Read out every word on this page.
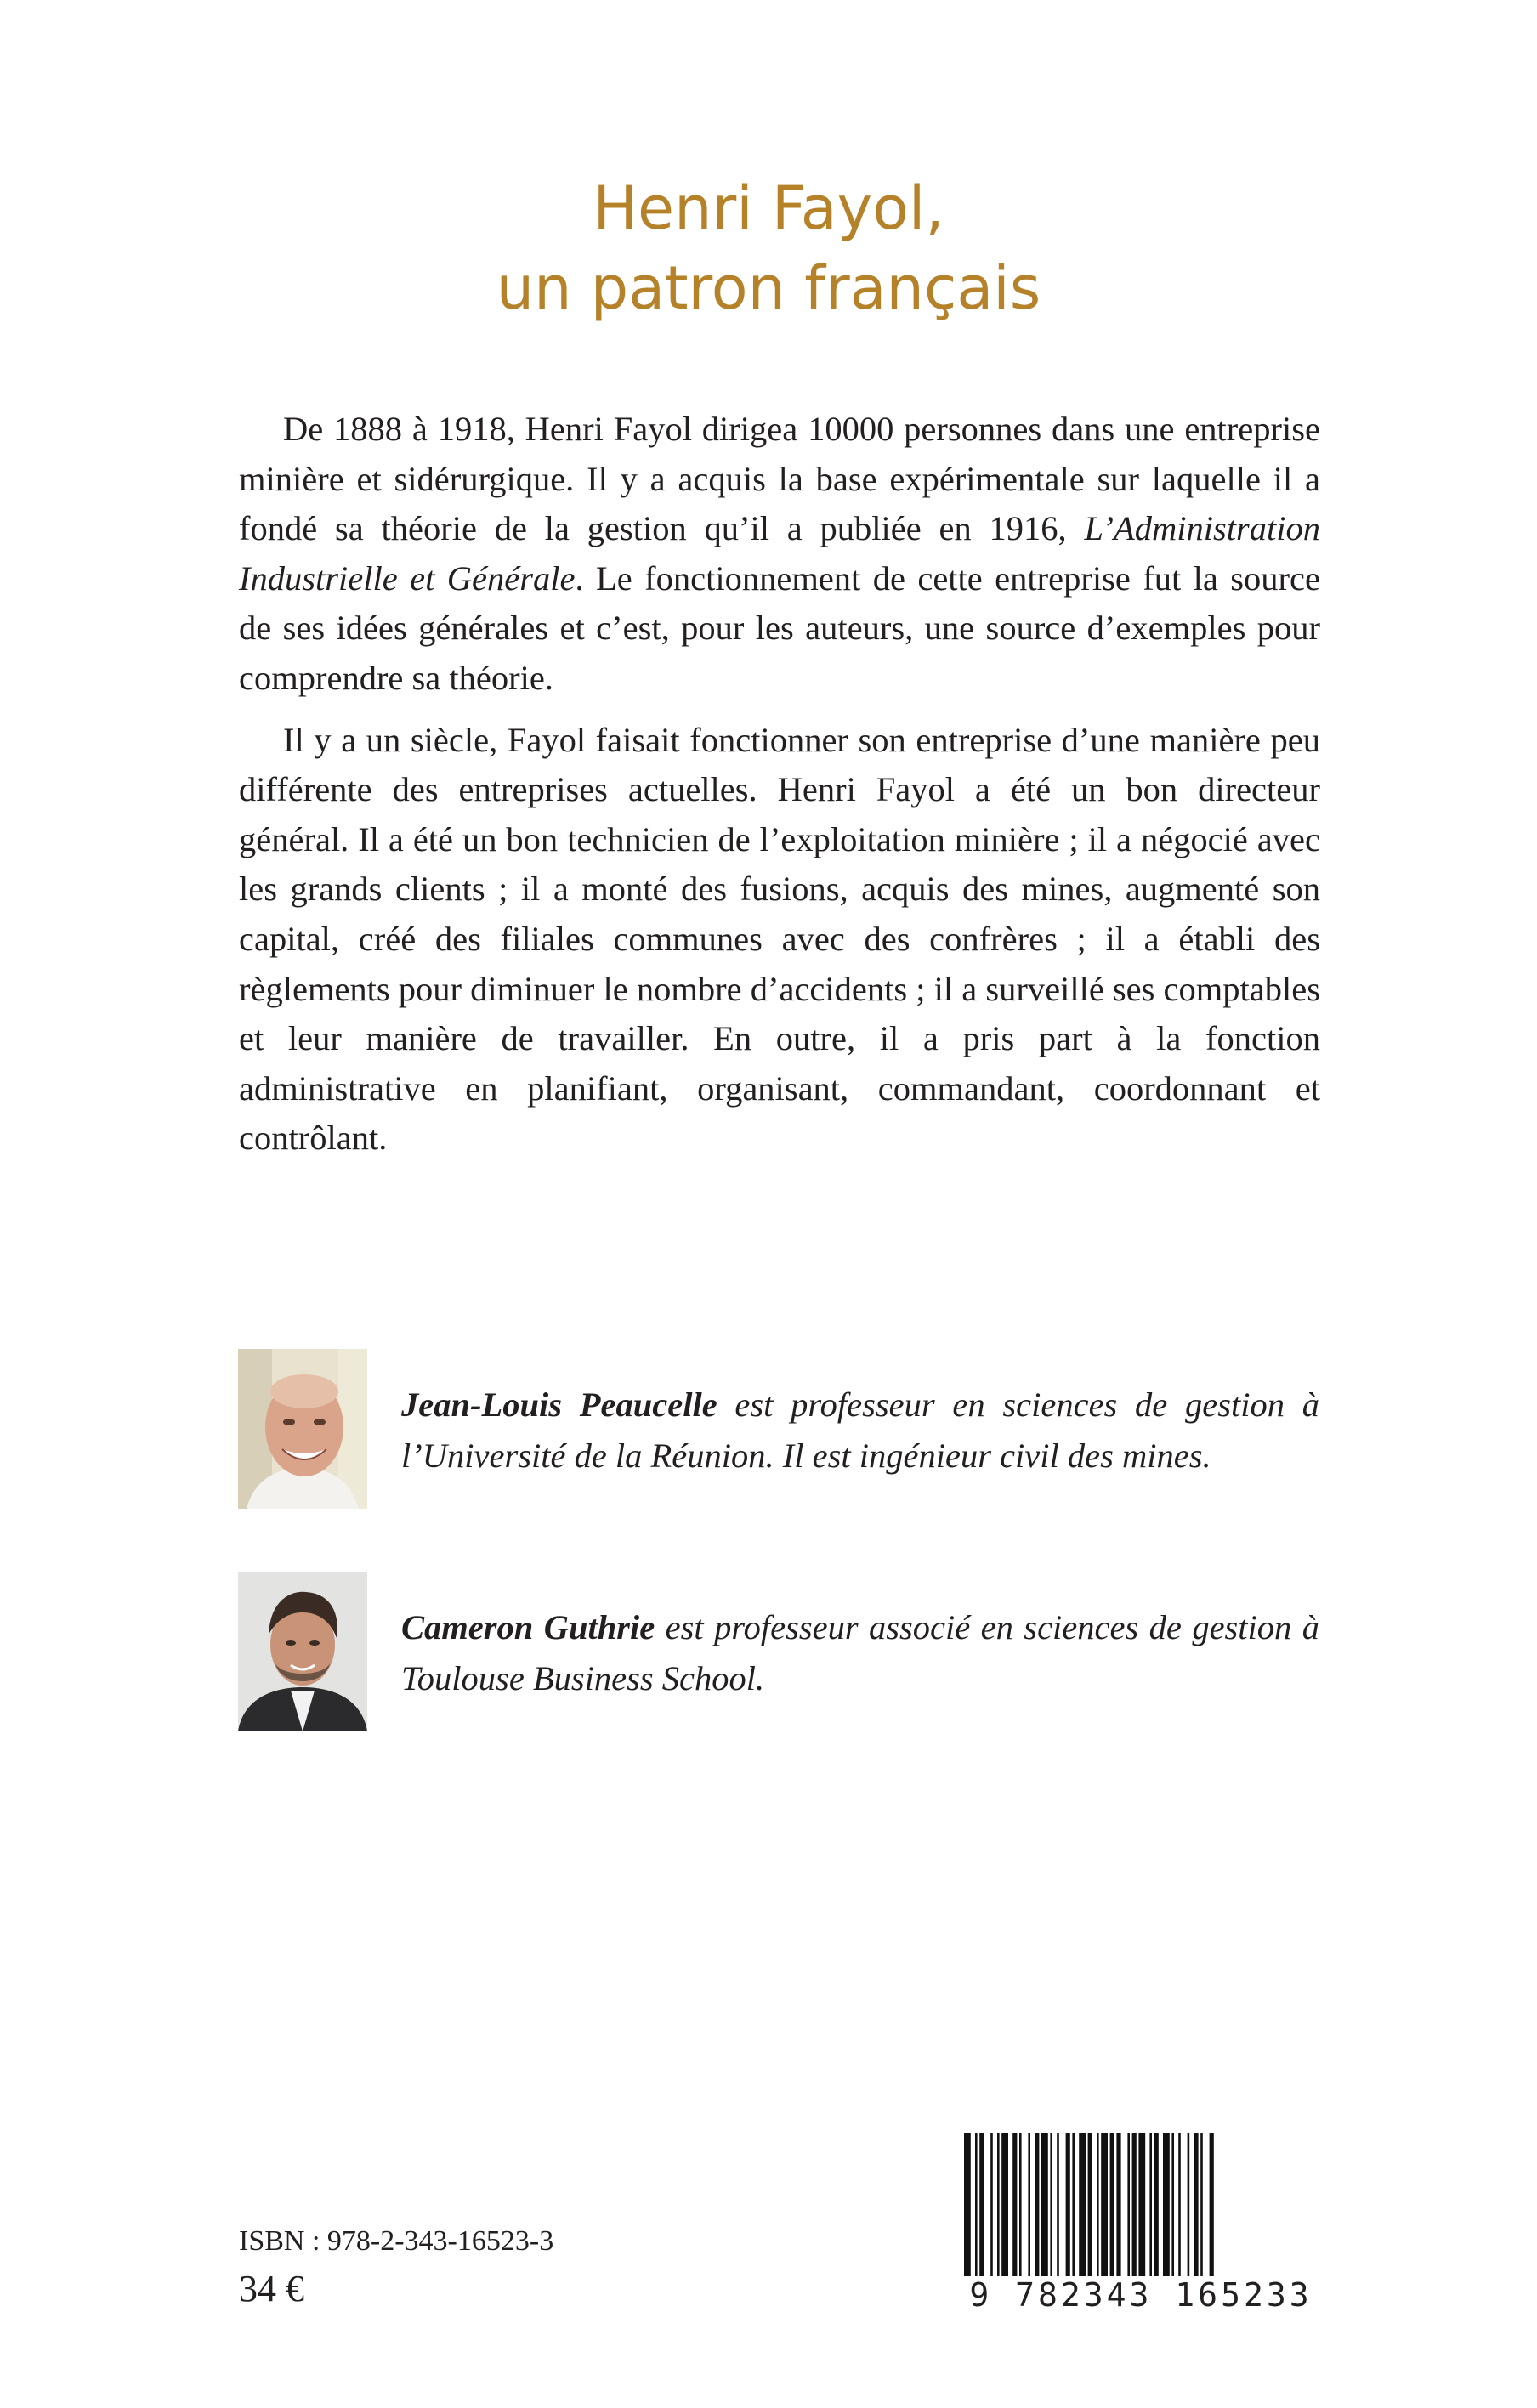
Henri Fayol,
un patron français

De 1888 à 1918, Henri Fayol dirigea 10000 personnes dans une entreprise minière et sidérurgique. Il y a acquis la base expérimentale sur laquelle il a fondé sa théorie de la gestion qu’il a publiée en 1916, L’Administration Industrielle et Générale. Le fonctionnement de cette entreprise fut la source de ses idées générales et c’est, pour les auteurs, une source d’exemples pour comprendre sa théorie.

Il y a un siècle, Fayol faisait fonctionner son entreprise d’une manière peu différente des entreprises actuelles. Henri Fayol a été un bon directeur général. Il a été un bon technicien de l’exploitation minière ; il a négocié avec les grands clients ; il a monté des fusions, acquis des mines, augmenté son capital, créé des filiales communes avec des confrères ; il a établi des règlements pour diminuer le nombre d’accidents ; il a surveillé ses comptables et leur manière de travailler. En outre, il a pris part à la fonction administrative en planifiant, organisant, commandant, coordonnant et contrôlant.

Jean-Louis Peaucelle est professeur en sciences de gestion à l’Université de la Réunion. Il est ingénieur civil des mines.
Cameron Guthrie est professeur associé en sciences de gestion à Toulouse Business School.
ISBN : 978-2-343-16523-3
34 €	9 782343 165233
